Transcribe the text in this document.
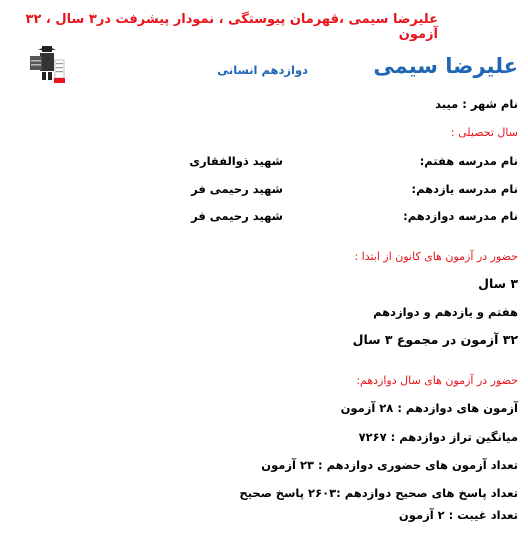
علیرضا سیمی ،قهرمان پیوستگی ، نمودار پیشرفت در۳ سال ، ۳۲ آزمون
علیرضا سیمی
دوازدهم انسانی
نام شهر : میبد
سال تحصیلی :
نام مدرسه هفتم:
شهید ذوالفقاری
نام مدرسه یازدهم:
شهید رحیمی فر
نام مدرسه دوازدهم:
شهید رحیمی فر
حضور در آزمون های کانون از ابتدا :
۳ سال
هفتم و یازدهم و دوازدهم
۳۲ آزمون در مجموع ۳ سال
حضور در آزمون های سال دوازدهم:
آزمون های دوازدهم : ۲۸ آزمون
میانگین تراز دوازدهم : ۷۲۶۷
تعداد آزمون های حضوری دوازدهم : ۲۳ آزمون
تعداد پاسخ های صحیح دوازدهم :۲۶۰۳ پاسخ صحیح
تعداد غیبت : ۲ آزمون
